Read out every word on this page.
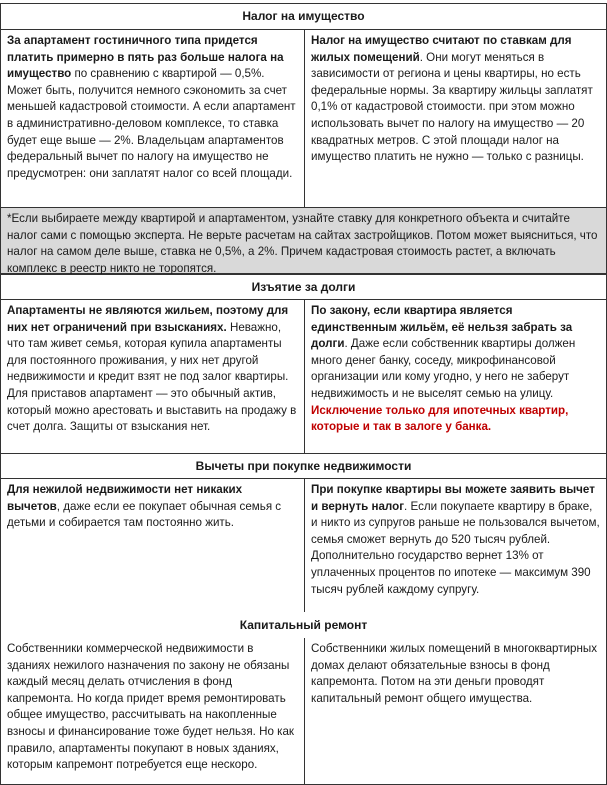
Налог на имущество

За апартамент гостиничного типа придется платить примерно в пять раз больше налога на имущество по сравнению с квартирой — 0,5%. Может быть, получится немного сэкономить за счет меньшей кадастровой стоимости. А если апартамент в административно-деловом комплексе, то ставка будет еще выше — 2%. Владельцам апартаментов федеральный вычет по налогу на имущество не предусмотрен: они заплатят налог со всей площади.

Налог на имущество считают по ставкам для жилых помещений. Они могут меняться в зависимости от региона и цены квартиры, но есть федеральные нормы. За квартиру жильцы заплатят 0,1% от кадастровой стоимости. при этом можно использовать вычет по налогу на имущество — 20 квадратных метров. С этой площади налог на имущество платить не нужно — только с разницы.

*Если выбираете между квартирой и апартаментом, узнайте ставку для конкретного объекта и считайте налог сами с помощью эксперта. Не верьте расчетам на сайтах застройщиков. Потом может выясниться, что налог на самом деле выше, ставка не 0,5%, а 2%. Причем кадастровая стоимость растет, а включать комплекс в реестр никто не торопятся.

Изъятие за долги

Апартаменты не являются жильем, поэтому для них нет ограничений при взысканиях. Неважно, что там живет семья, которая купила апартаменты для постоянного проживания, у них нет другой недвижимости и кредит взят не под залог квартиры. Для приставов апартамент — это обычный актив, который можно арестовать и выставить на продажу в счет долга. Защиты от взыскания нет.

По закону, если квартира является единственным жильём, её нельзя забрать за долги. Даже если собственник квартиры должен много денег банку, соседу, микрофинансовой организации или кому угодно, у него не заберут недвижимость и не выселят семью на улицу.

Исключение только для ипотечных квартир, которые и так в залоге у банка.

Вычеты при покупке недвижимости

Для нежилой недвижимости нет никаких вычетов, даже если ее покупает обычная семья с детьми и собирается там постоянно жить.

При покупке квартиры вы можете заявить вычет и вернуть налог. Если покупаете квартиру в браке, и никто из супругов раньше не пользовался вычетом, семья сможет вернуть до 520 тысяч рублей. Дополнительно государство вернет 13% от уплаченных процентов по ипотеке — максимум 390 тысяч рублей каждому супругу.

Капитальный ремонт

Собственники коммерческой недвижимости в зданиях нежилого назначения по закону не обязаны каждый месяц делать отчисления в фонд капремонта. Но когда придет время ремонтировать общее имущество, рассчитывать на накопленные взносы и финансирование тоже будет нельзя. Но как правило, апартаменты покупают в новых зданиях, которым капремонт потребуется еще нескоро.

Собственники жилых помещений в многоквартирных домах делают обязательные взносы в фонд капремонта. Потом на эти деньги проводят капитальный ремонт общего имущества.
